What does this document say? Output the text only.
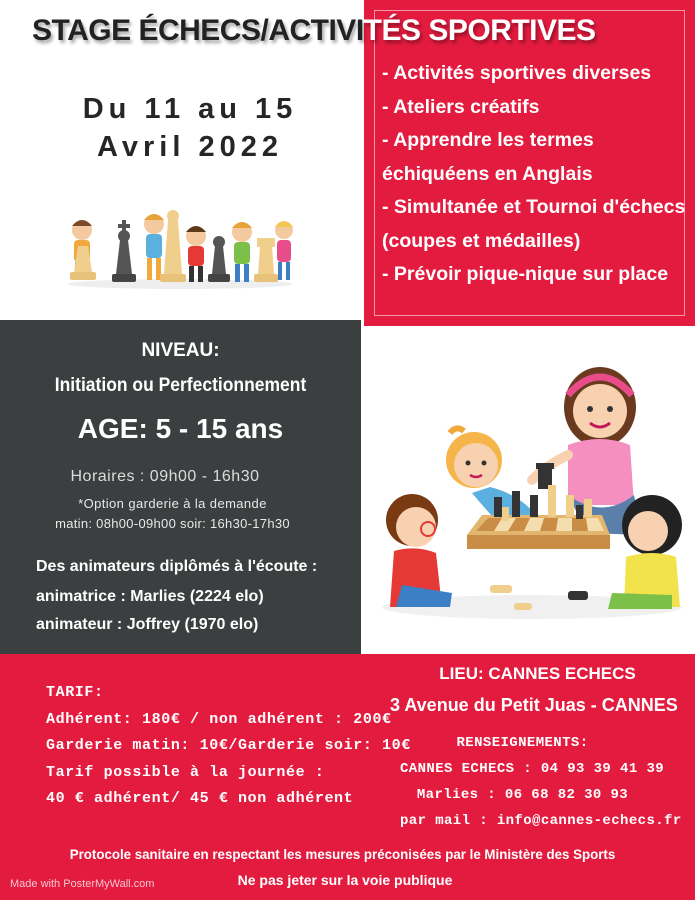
STAGE ÉCHECS/ACTIVITÉS SPORTIVES
Du 11 au 15
Avril 2022
- Activités sportives diverses
- Ateliers créatifs
- Apprendre les termes
échiquéens en Anglais
- Simultanée et Tournoi d'échecs
(coupes et médailles)
- Prévoir pique-nique sur place
NIVEAU:
Initiation ou Perfectionnement
AGE: 5 - 15 ans
Horaires : 09h00 - 16h30
*Option garderie à la demande
matin: 08h00-09h00 soir: 16h30-17h30
Des animateurs diplômés à l'écoute :
animatrice : Marlies (2224 elo)
animateur : Joffrey (1970 elo)
TARIF:
Adhérent: 180€ / non adhérent : 200€
Garderie matin: 10€/Garderie soir: 10€
Tarif possible à la journée :
40 € adhérent/ 45 € non adhérent
LIEU: CANNES ECHECS
3 Avenue du Petit Juas - CANNES
RENSEIGNEMENTS:
CANNES ECHECS : 04 93 39 41 39
Marlies : 06 68 82 30 93
par mail : info@cannes-echecs.fr
Protocole sanitaire en respectant les mesures préconisées par le Ministère des Sports
Ne pas jeter sur la voie publique
Made with PosterMyWall.com
